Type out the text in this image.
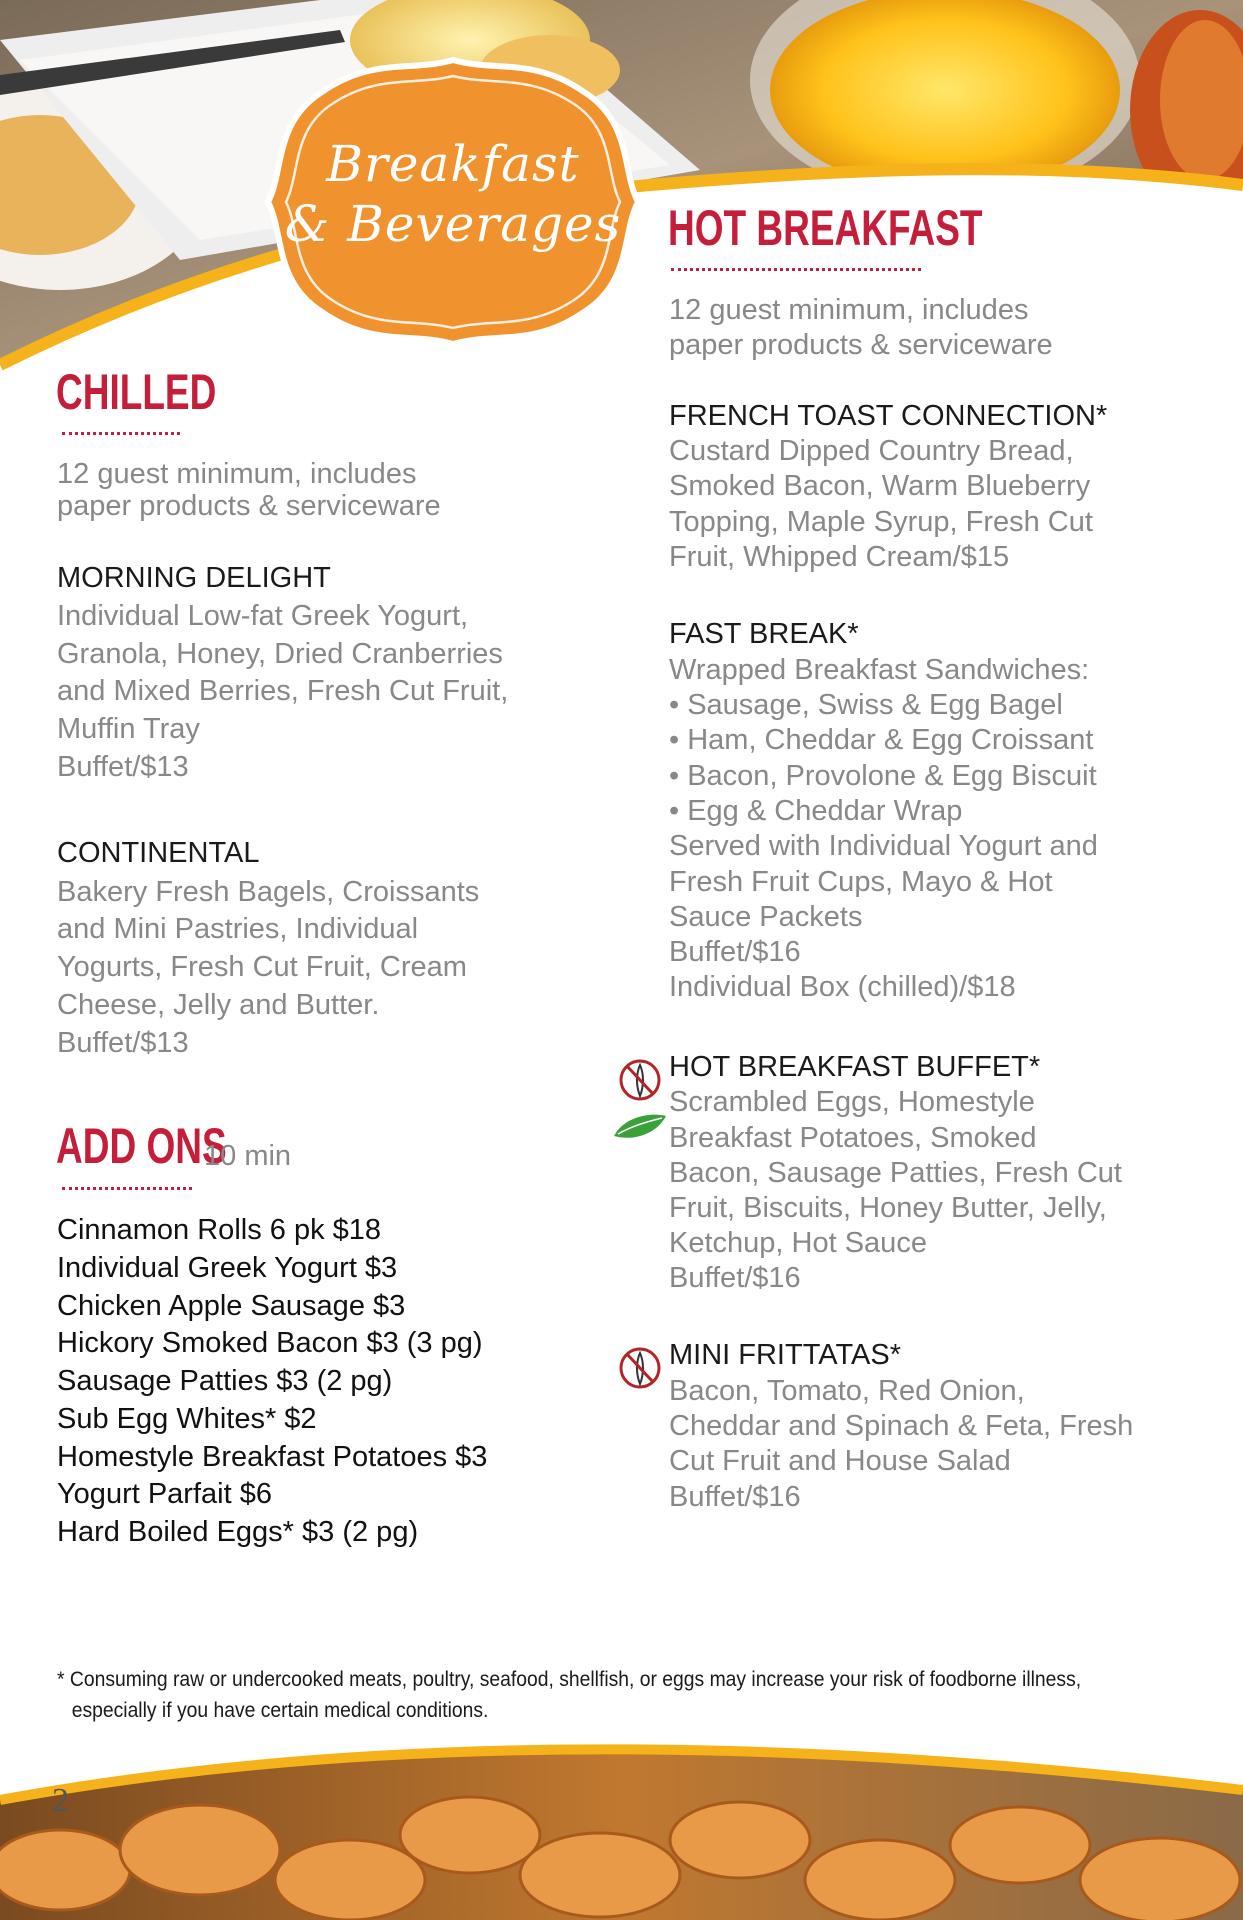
Breakfast
& Beverages
CHILLED
12 guest minimum, includes
paper products & serviceware
MORNING DELIGHT
Individual Low-fat Greek Yogurt,
Granola, Honey, Dried Cranberries
and Mixed Berries, Fresh Cut Fruit,
Muffin Tray
Buffet/$13
CONTINENTAL
Bakery Fresh Bagels, Croissants
and Mini Pastries, Individual
Yogurts, Fresh Cut Fruit, Cream
Cheese, Jelly and Butter.
Buffet/$13
ADD ONS
10 min
Cinnamon Rolls 6 pk $18
Individual Greek Yogurt $3
Chicken Apple Sausage $3
Hickory Smoked Bacon $3 (3 pg)
Sausage Patties $3 (2 pg)
Sub Egg Whites* $2
Homestyle Breakfast Potatoes $3
Yogurt Parfait $6
Hard Boiled Eggs* $3 (2 pg)
HOT BREAKFAST
12 guest minimum, includes
paper products & serviceware
FRENCH TOAST CONNECTION*
Custard Dipped Country Bread,
Smoked Bacon, Warm Blueberry
Topping, Maple Syrup, Fresh Cut
Fruit, Whipped Cream/$15
FAST BREAK*
Wrapped Breakfast Sandwiches:
• Sausage, Swiss & Egg Bagel
• Ham, Cheddar & Egg Croissant
• Bacon, Provolone & Egg Biscuit
• Egg & Cheddar Wrap
Served with Individual Yogurt and
Fresh Fruit Cups, Mayo & Hot
Sauce Packets
Buffet/$16
Individual Box (chilled)/$18
HOT BREAKFAST BUFFET*
Scrambled Eggs, Homestyle
Breakfast Potatoes, Smoked
Bacon, Sausage Patties, Fresh Cut
Fruit, Biscuits, Honey Butter, Jelly,
Ketchup, Hot Sauce
Buffet/$16
MINI FRITTATAS*
Bacon, Tomato, Red Onion,
Cheddar and Spinach & Feta, Fresh
Cut Fruit and House Salad
Buffet/$16
* Consuming raw or undercooked meats, poultry, seafood, shellfish, or eggs may increase your risk of foodborne illness,
especially if you have certain medical conditions.
2
